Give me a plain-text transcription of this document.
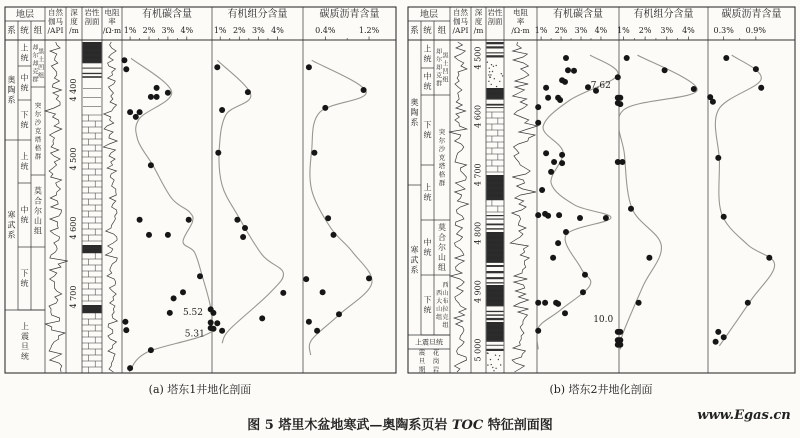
地层
系 统 组
自然
伽马
/API
深
度
/m
岩性
剖面
电阻
率
/Ω·m
奥陶系
寒武系
上统
中统
下统
上统
中统
下统
却尔却克群
黑土凹组
突尔沙克塔格群
莫合尔山组
上震旦统
4 400
4 500
4 600
4 700
有机碳含量
1% 2% 3% 4%
5.52
5.31
有机组分含量
1% 2% 3% 4%
碳质沥青含量
0.4%	1.2%
(a) 塔东1井地化剖面
地层
系 统 组
自然
伽马
/API
深
度
/m
岩性
剖面
电阻
率
/Ω·m
奥陶系
寒武系
上统
中统
下统
上统
中统
下统
却尔却克群
黑土凹组
突尔沙克塔格群
莫合尔山组
西大山组
西山布拉克组
上震旦统
震旦期
花岗岩
4 500
4 600
4 700
4 800
4 900
5 000
有机碳含量
1% 2% 3% 4%
7.62
10.0
有机组分含量
1% 2% 3% 4%
碳质沥青含量
0.3% 0.9%
(b) 塔东2井地化剖面
图 5 塔里木盆地寒武—奥陶系页岩 TOC 特征剖面图
www.Egas.cn
